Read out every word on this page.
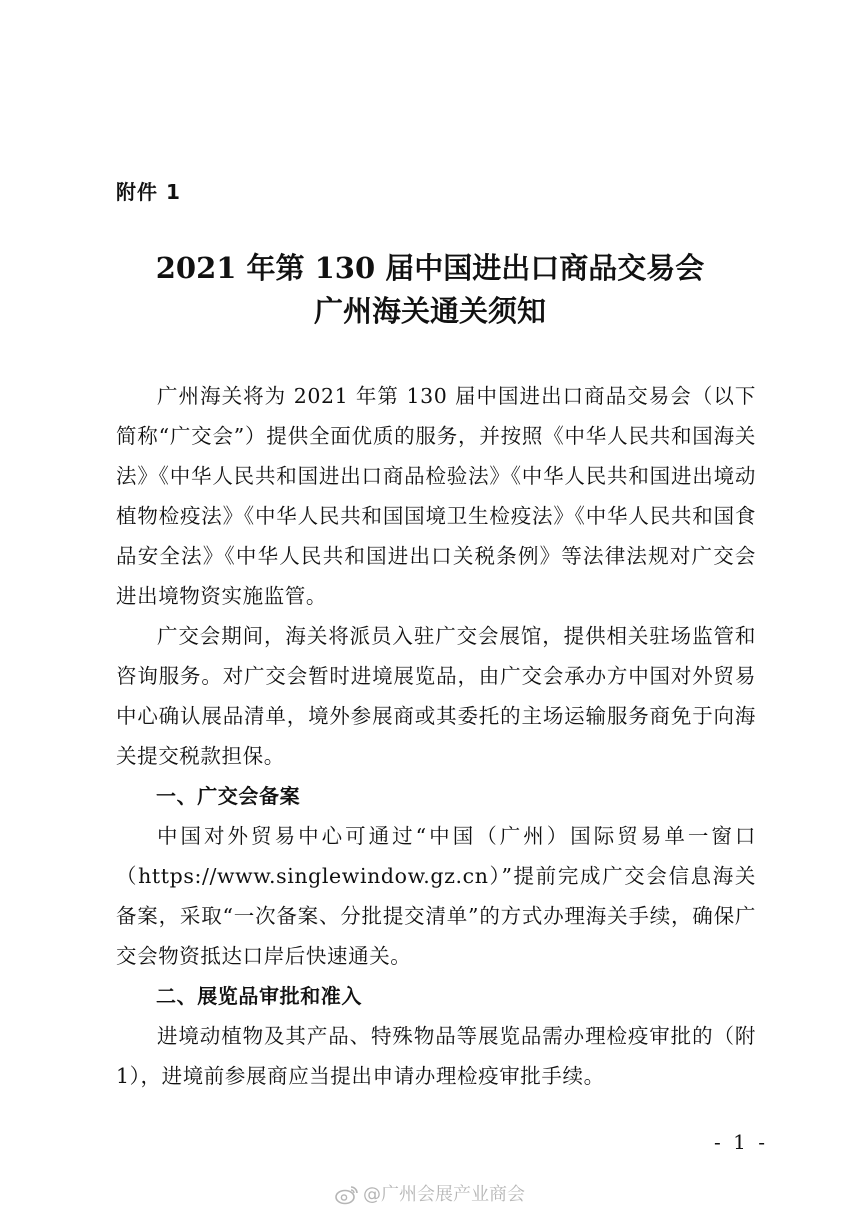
附件 1
2021 年第 130 届中国进出口商品交易会
广州海关通关须知

广州海关将为 2021 年第 130 届中国进出口商品交易会（以下简称“广交会”）提供全面优质的服务，并按照《中华人民共和国海关法》《中华人民共和国进出口商品检验法》《中华人民共和国进出境动植物检疫法》《中华人民共和国国境卫生检疫法》《中华人民共和国食品安全法》《中华人民共和国进出口关税条例》等法律法规对广交会进出境物资实施监管。

广交会期间，海关将派员入驻广交会展馆，提供相关驻场监管和咨询服务。对广交会暂时进境展览品，由广交会承办方中国对外贸易中心确认展品清单，境外参展商或其委托的主场运输服务商免于向海关提交税款担保。

一、广交会备案

中国对外贸易中心可通过“中国（广州）国际贸易单一窗口（https://www.singlewindow.gz.cn）”提前完成广交会信息海关备案，采取“一次备案、分批提交清单”的方式办理海关手续，确保广交会物资抵达口岸后快速通关。

二、展览品审批和准入

进境动植物及其产品、特殊物品等展览品需办理检疫审批的（附 1），进境前参展商应当提出申请办理检疫审批手续。

- 1 -
@广州会展产业商会
